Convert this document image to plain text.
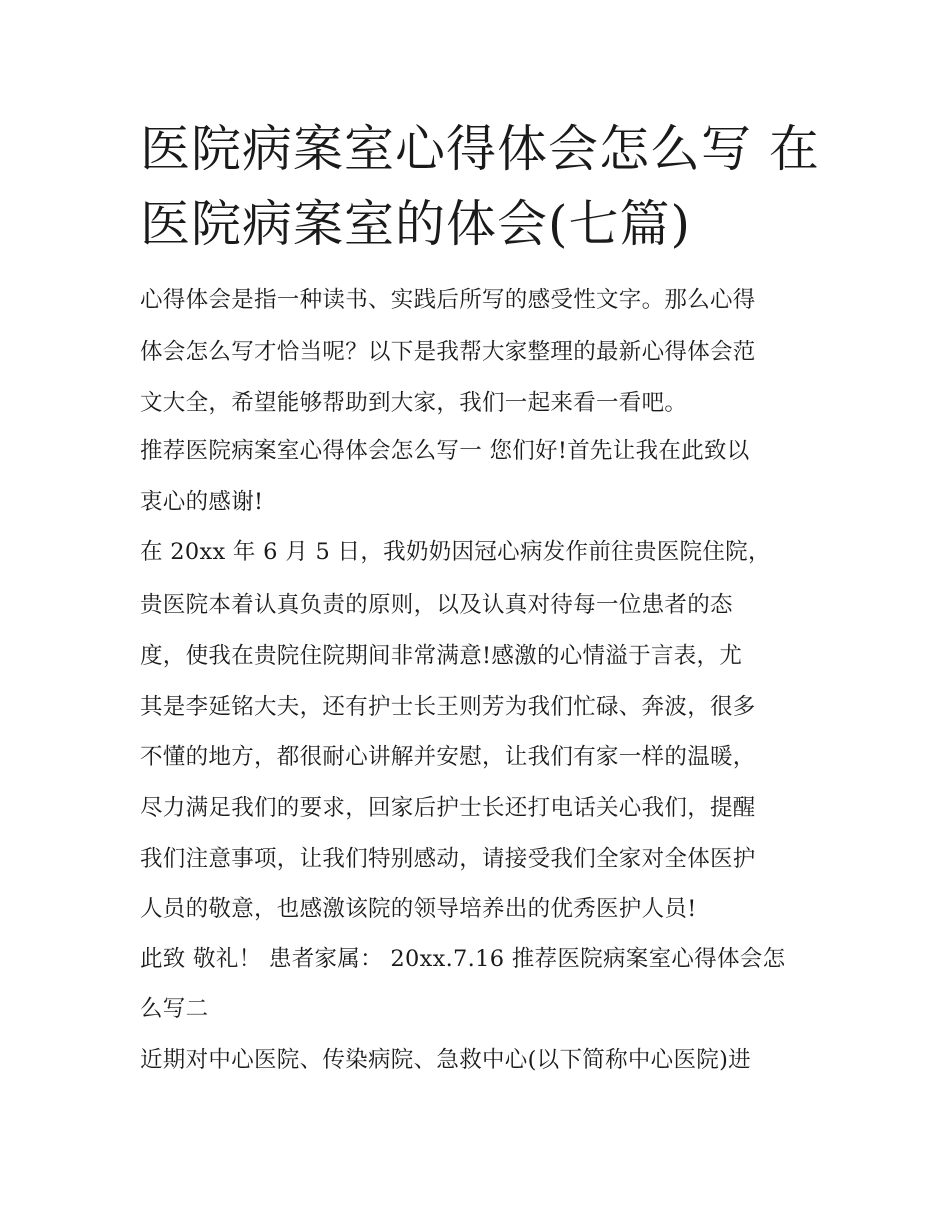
医院病案室心得体会怎么写 在
医院病案室的体会(七篇)
心得体会是指一种读书、实践后所写的感受性文字。那么心得
体会怎么写才恰当呢？以下是我帮大家整理的最新心得体会范
文大全，希望能够帮助到大家，我们一起来看一看吧。
推荐医院病案室心得体会怎么写一 您们好!首先让我在此致以
衷心的感谢!
在 20xx 年 6 月 5 日，我奶奶因冠心病发作前往贵医院住院，
贵医院本着认真负责的原则，以及认真对待每一位患者的态
度，使我在贵院住院期间非常满意!感激的心情溢于言表，尤
其是李延铭大夫，还有护士长王则芳为我们忙碌、奔波，很多
不懂的地方，都很耐心讲解并安慰，让我们有家一样的温暖，
尽力满足我们的要求，回家后护士长还打电话关心我们，提醒
我们注意事项，让我们特别感动，请接受我们全家对全体医护
人员的敬意，也感激该院的领导培养出的优秀医护人员!
此致 敬礼！ 患者家属： 20xx.7.16 推荐医院病案室心得体会怎
么写二
近期对中心医院、传染病院、急救中心(以下简称中心医院)进
